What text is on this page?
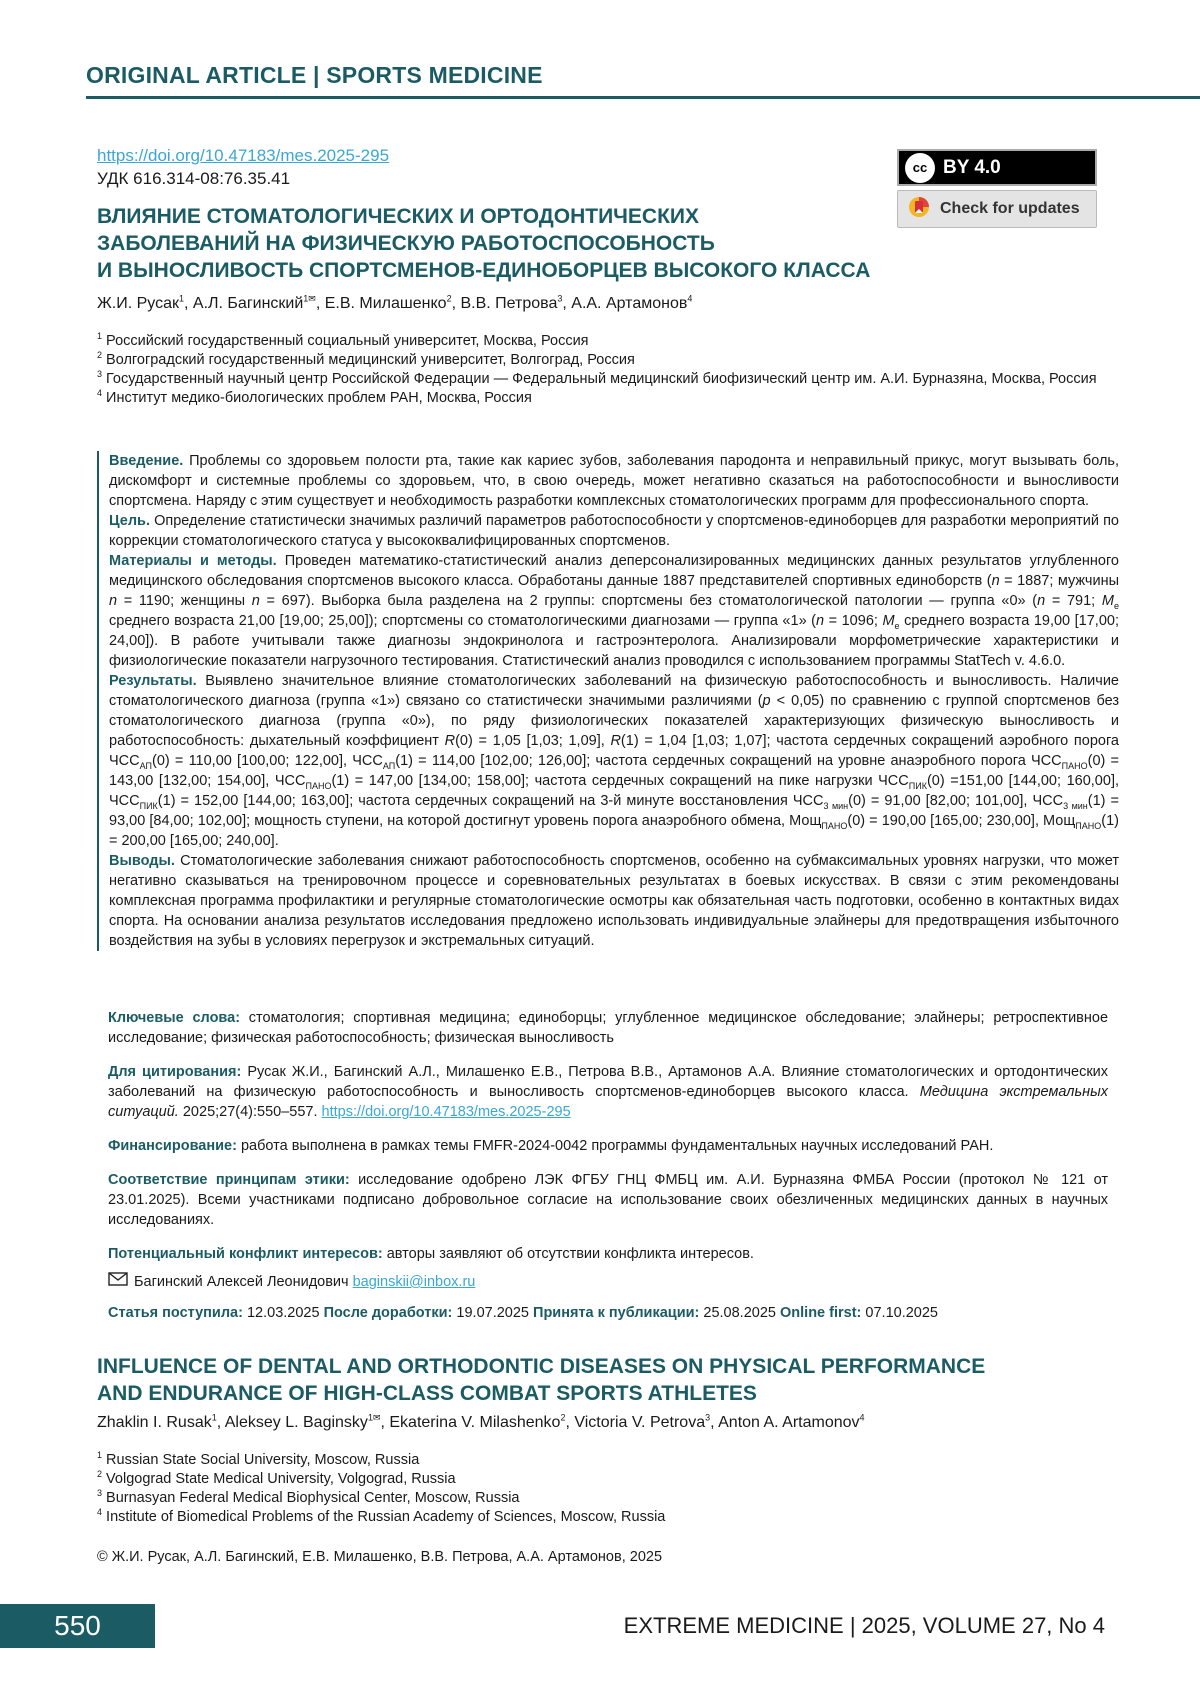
ORIGINAL ARTICLE | SPORTS MEDICINE
https://doi.org/10.47183/mes.2025-295
УДК 616.314-08:76.35.41
cc BY 4.0
Check for updates
ВЛИЯНИЕ СТОМАТОЛОГИЧЕСКИХ И ОРТОДОНТИЧЕСКИХ
ЗАБОЛЕВАНИЙ НА ФИЗИЧЕСКУЮ РАБОТОСПОСОБНОСТЬ
И ВЫНОСЛИВОСТЬ СПОРТСМЕНОВ-ЕДИНОБОРЦЕВ ВЫСОКОГО КЛАССА
Ж.И. Русак$^1$, А.Л. Багинский$^{1✉}$, Е.В. Милашенко$^2$, В.В. Петрова$^3$, А.А. Артамонов$^4$
$^1$ Российский государственный социальный университет, Москва, Россия
$^2$ Волгоградский государственный медицинский университет, Волгоград, Россия
$^3$ Государственный научный центр Российской Федерации — Федеральный медицинский биофизический центр им. А.И. Бурназяна, Москва, Россия
$^4$ Институт медико-биологических проблем РАН, Москва, Россия

Введение. Проблемы со здоровьем полости рта, такие как кариес зубов, заболевания пародонта и неправильный прикус, могут вызывать боль, дискомфорт и системные проблемы со здоровьем, что, в свою очередь, может негативно сказаться на работоспособности и выносливости спортсмена. Наряду с этим существует и необходимость разработки комплексных стоматологических программ для профессионального спорта.

Цель. Определение статистически значимых различий параметров работоспособности у спортсменов-единоборцев для разработки мероприятий по коррекции стоматологического статуса у высококвалифицированных спортсменов.

Материалы и методы. Проведен математико-статистический анализ деперсонализированных медицинских данных результатов углубленного медицинского обследования спортсменов высокого класса. Обработаны данные 1887 представителей спортивных единоборств (n = 1887; мужчины n = 1190; женщины n = 697). Выборка была разделена на 2 группы: спортсмены без стоматологической патологии — группа «0» (n = 791; $M_e$ среднего возраста 21,00 [19,00; 25,00]); спортсмены со стоматологическими диагнозами — группа «1» (n = 1096; $M_e$ среднего возраста 19,00 [17,00; 24,00]). В работе учитывали также диагнозы эндокринолога и гастроэнтеролога. Анализировали морфометрические характеристики и физиологические показатели нагрузочного тестирования. Статистический анализ проводился с использованием программы StatTech v. 4.6.0.

Результаты. Выявлено значительное влияние стоматологических заболеваний на физическую работоспособность и выносливость. Наличие стоматологического диагноза (группа «1») связано со статистически значимыми различиями (p < 0,05) по сравнению с группой спортсменов без стоматологического диагноза (группа «0»), по ряду физиологических показателей характеризующих физическую выносливость и работоспособность: дыхательный коэффициент R(0) = 1,05 [1,03; 1,09], R(1) = 1,04 [1,03; 1,07]; частота сердечных сокращений аэробного порога $ЧСС_{АП}(0) = 110,00$ [100,00; 122,00], $ЧСС_{АП}(1) = 114,00$ [102,00; 126,00]; частота сердечных сокращений на уровне анаэробного порога $ЧСС_{ПАНО}(0) = 143,00$ [132,00; 154,00], $ЧСС_{ПАНО}(1) = 147,00$ [134,00; 158,00]; частота сердечных сокращений на пике нагрузки $ЧСС_{ПИК}(0) =151,00$ [144,00; 160,00], $ЧСС_{ПИК}(1) = 152,00$ [144,00; 163,00]; частота сердечных сокращений на 3-й минуте восстановления $ЧСС_{3 мин}(0) = 91,00$ [82,00; 101,00], $ЧСС_{3 мин}(1) = 93,00$ [84,00; 102,00]; мощность ступени, на которой достигнут уровень порога анаэробного обмена, Мощ$_{ПАНО}$(0) = 190,00 [165,00; 230,00], Мощ$_{ПАНО}$(1) = 200,00 [165,00; 240,00].

Выводы. Стоматологические заболевания снижают работоспособность спортсменов, особенно на субмаксимальных уровнях нагрузки, что может негативно сказываться на тренировочном процессе и соревновательных результатах в боевых искусствах. В связи с этим рекомендованы комплексная программа профилактики и регулярные стоматологические осмотры как обязательная часть подготовки, особенно в контактных видах спорта. На основании анализа результатов исследования предложено использовать индивидуальные элайнеры для предотвращения избыточного воздействия на зубы в условиях перегрузок и экстремальных ситуаций.

Ключевые слова: стоматология; спортивная медицина; единоборцы; углубленное медицинское обследование; элайнеры; ретроспективное исследование; физическая работоспособность; физическая выносливость
Для цитирования: Русак Ж.И., Багинский А.Л., Милашенко Е.В., Петрова В.В., Артамонов А.А. Влияние стоматологических и ортодонтических заболеваний на физическую работоспособность и выносливость спортсменов-единоборцев высокого класса. Медицина экстремальных ситуаций. 2025;27(4):550–557. https://doi.org/10.47183/mes.2025-295
Финансирование: работа выполнена в рамках темы FMFR-2024-0042 программы фундаментальных научных исследований РАН.
Соответствие принципам этики: исследование одобрено ЛЭК ФГБУ ГНЦ ФМБЦ им. А.И. Бурназяна ФМБА России (протокол № 121 от 23.01.2025). Всеми участниками подписано добровольное согласие на использование своих обезличенных медицинских данных в научных исследованиях.
Потенциальный конфликт интересов: авторы заявляют об отсутствии конфликта интересов.
Багинский Алексей Леонидович baginskii@inbox.ru
Статья поступила: 12.03.2025 После доработки: 19.07.2025 Принята к публикации: 25.08.2025 Online first: 07.10.2025
INFLUENCE OF DENTAL AND ORTHODONTIC DISEASES ON PHYSICAL PERFORMANCE
AND ENDURANCE OF HIGH-CLASS COMBAT SPORTS ATHLETES
Zhaklin I. Rusak$^1$, Aleksey L. Baginsky$^{1✉}$, Ekaterina V. Milashenko$^2$, Victoria V. Petrova$^3$, Anton A. Artamonov$^4$
$^1$ Russian State Social University, Moscow, Russia
$^2$ Volgograd State Medical University, Volgograd, Russia
$^3$ Burnasyan Federal Medical Biophysical Center, Moscow, Russia
$^4$ Institute of Biomedical Problems of the Russian Academy of Sciences, Moscow, Russia
© Ж.И. Русак, А.Л. Багинский, Е.В. Милашенко, В.В. Петрова, А.А. Артамонов, 2025
550	EXTREME MEDICINE | 2025, VOLUME 27, No 4
